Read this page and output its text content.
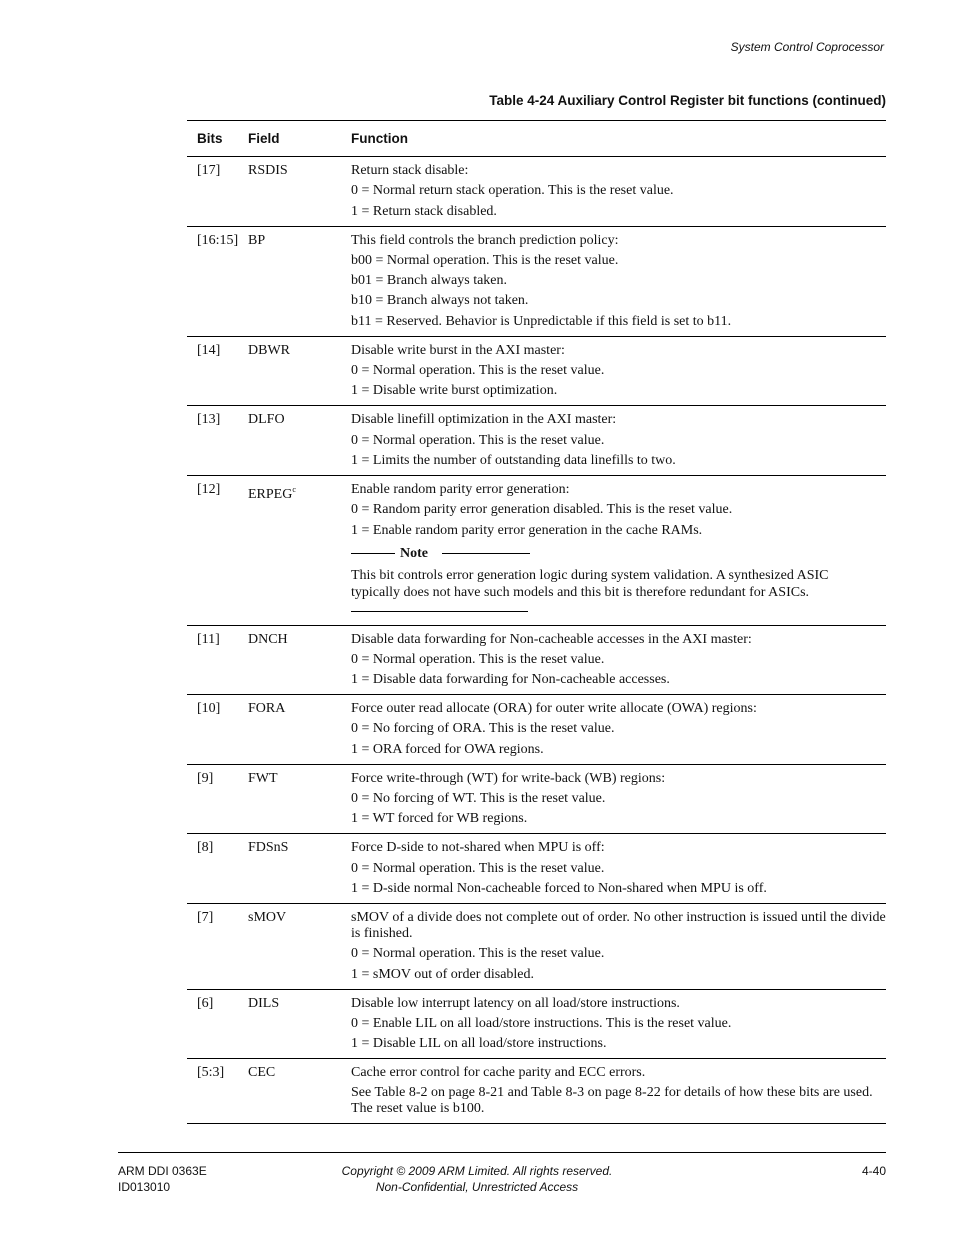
System Control Coprocessor
Table 4-24 Auxiliary Control Register bit functions (continued)
Bits	Field	Function
[17]	RSDIS	Return stack disable:
0 = Normal return stack operation. This is the reset value.
1 = Return stack disabled.
[16:15] BP	This field controls the branch prediction policy:
b00 = Normal operation. This is the reset value.
b01 = Branch always taken.
b10 = Branch always not taken.
b11 = Reserved. Behavior is Unpredictable if this field is set to b11.
[14]	DBWR	Disable write burst in the AXI master:
0 = Normal operation. This is the reset value.
1 = Disable write burst optimization.
[13]	DLFO	Disable linefill optimization in the AXI master:
0 = Normal operation. This is the reset value.
1 = Limits the number of outstanding data linefills to two.
[12]	ERPEG$^c$	Enable random parity error generation:
0 = Random parity error generation disabled. This is the reset value.
1 = Enable random parity error generation in the cache RAMs.
Note
This bit controls error generation logic during system validation. A synthesized ASIC typically does not have such models and this bit is therefore redundant for ASICs.
[11]	DNCH	Disable data forwarding for Non-cacheable accesses in the AXI master:
0 = Normal operation. This is the reset value.
1 = Disable data forwarding for Non-cacheable accesses.
[10]	FORA	Force outer read allocate (ORA) for outer write allocate (OWA) regions:
0 = No forcing of ORA. This is the reset value.
1 = ORA forced for OWA regions.
[9]	FWT	Force write-through (WT) for write-back (WB) regions:
0 = No forcing of WT. This is the reset value.
1 = WT forced for WB regions.
[8]	FDSnS	Force D-side to not-shared when MPU is off:
0 = Normal operation. This is the reset value.
1 = D-side normal Non-cacheable forced to Non-shared when MPU is off.
[7]	sMOV	sMOV of a divide does not complete out of order. No other instruction is issued until the divide is finished.
0 = Normal operation. This is the reset value.
1 = sMOV out of order disabled.
[6]	DILS	Disable low interrupt latency on all load/store instructions.
0 = Enable LIL on all load/store instructions. This is the reset value.
1 = Disable LIL on all load/store instructions.
[5:3]	CEC	Cache error control for cache parity and ECC errors.
See Table 8-2 on page 8-21 and Table 8-3 on page 8-22 for details of how these bits are used. The reset value is b100.
ARM DDI 0363E
ID013010
Copyright © 2009 ARM Limited. All rights reserved.
Non-Confidential, Unrestricted Access
4-40
